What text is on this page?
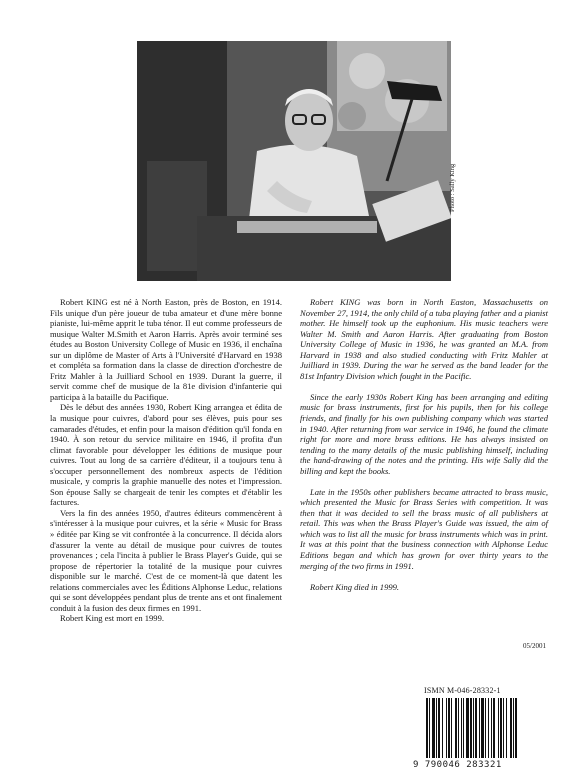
Photo : Sally King

Robert KING est né à North Easton, près de Boston, en 1914. Fils unique d'un père joueur de tuba amateur et d'une mère bonne pianiste, lui-même apprit le tuba ténor. Il eut comme professeurs de musique Walter M.Smith et Aaron Harris. Après avoir terminé ses études au Boston University College of Music en 1936, il enchaîna sur un diplôme de Master of Arts à l'Université d'Harvard en 1938 et compléta sa formation dans la classe de direction d'orchestre de Fritz Mahler à la Juilliard School en 1939. Durant la guerre, il servit comme chef de musique de la 81e division d'infanterie qui participa à la bataille du Pacifique.

Dès le début des années 1930, Robert King arrangea et édita de la musique pour cuivres, d'abord pour ses élèves, puis pour ses camarades d'études, et enfin pour la maison d'édition qu'il fonda en 1940. À son retour du service militaire en 1946, il profita d'un climat favorable pour développer les éditions de musique pour cuivres. Tout au long de sa carrière d'éditeur, il a toujours tenu à s'occuper personnellement des nombreux aspects de l'édition musicale, y compris la graphie manuelle des notes et l'impression. Son épouse Sally se chargeait de tenir les comptes et d'établir les factures.

Vers la fin des années 1950, d'autres éditeurs commencèrent à s'intéresser à la musique pour cuivres, et la série « Music for Brass » éditée par King se vit confrontée à la concurrence. Il décida alors d'assurer la vente au détail de musique pour cuivres de toutes provenances ; cela l'incita à publier le Brass Player's Guide, qui se propose de répertorier la totalité de la musique pour cuivres disponible sur le marché. C'est de ce moment-là que datent les relations commerciales avec les Éditions Alphonse Leduc, relations qui se sont développées pendant plus de trente ans et ont finalement conduit à la fusion des deux firmes en 1991.

Robert King est mort en 1999.

Robert KING was born in North Easton, Massachusetts on November 27, 1914, the only child of a tuba playing father and a pianist mother. He himself took up the euphonium. His music teachers were Walter M. Smith and Aaron Harris. After graduating from Boston University College of Music in 1936, he was granted an M.A. from Harvard in 1938 and also studied conducting with Fritz Mahler at Juilliard in 1939. During the war he served as the band leader for the 81st Infantry Division which fought in the Pacific.

Since the early 1930s Robert King has been arranging and editing music for brass instruments, first for his pupils, then for his college friends, and finally for his own publishing company which was started in 1940. After returning from war service in 1946, he found the climate right for more and more brass editions. He has always insisted on tending to the many details of the music publishing himself, including the hand-drawing of the notes and the printing. His wife Sally did the billing and kept the books.

Late in the 1950s other publishers became attracted to brass music, which presented the Music for Brass Series with competition. It was then that it was decided to sell the brass music of all publishers at retail. This was when the Brass Player's Guide was issued, the aim of which was to list all the music for brass instruments which was in print. It was at this point that the business connection with Alphonse Leduc Editions began and which has grown for over thirty years to the merging of the two firms in 1991.

Robert King died in 1999.

05/2001
ISMN M-046-28332-1
9 790046 283321
